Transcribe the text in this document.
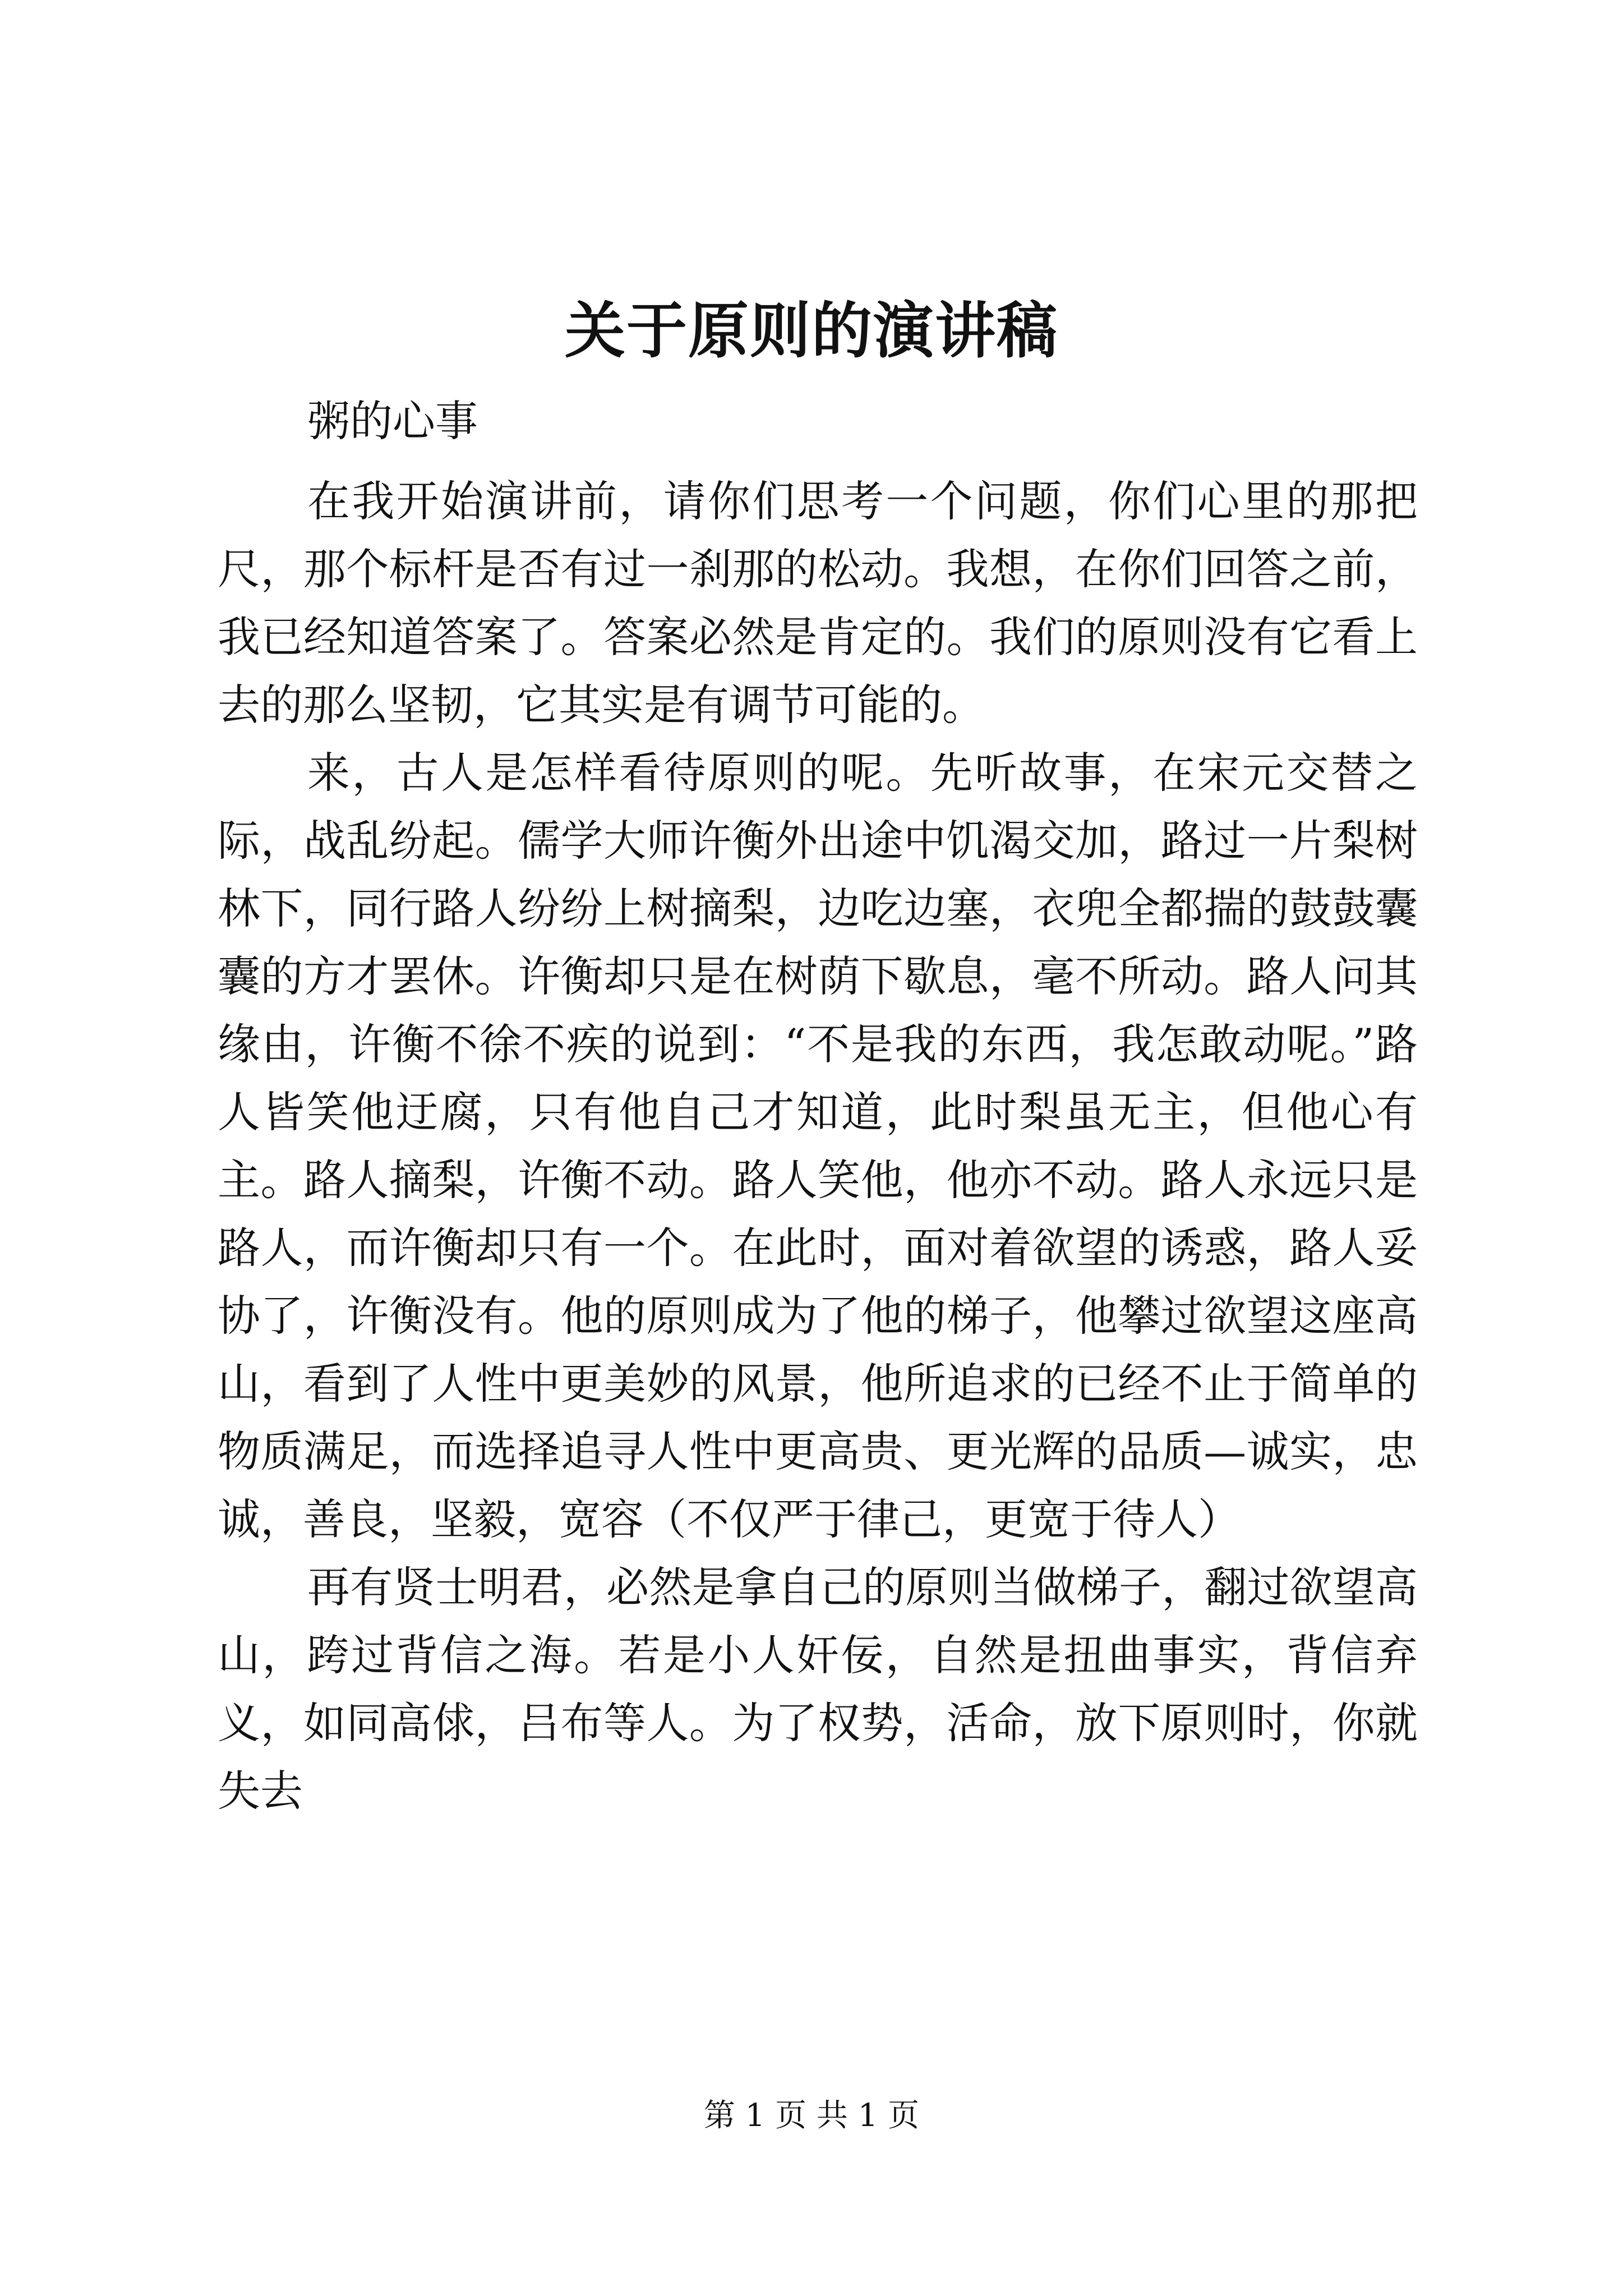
关于原则的演讲稿

粥的心事

在我开始演讲前，请你们思考一个问题，你们心里的那把尺，那个标杆是否有过一刹那的松动。我想，在你们回答之前，我已经知道答案了。答案必然是肯定的。我们的原则没有它看上去的那么坚韧，它其实是有调节可能的。

来，古人是怎样看待原则的呢。先听故事，在宋元交替之际，战乱纷起。儒学大师许衡外出途中饥渴交加，路过一片梨树林下，同行路人纷纷上树摘梨，边吃边塞，衣兜全都揣的鼓鼓囊囊的方才罢休。许衡却只是在树荫下歇息，毫不所动。路人问其缘由，许衡不徐不疾的说到：“不是我的东西，我怎敢动呢。”路人皆笑他迂腐，只有他自己才知道，此时梨虽无主，但他心有主。路人摘梨，许衡不动。路人笑他，他亦不动。路人永远只是路人，而许衡却只有一个。在此时，面对着欲望的诱惑，路人妥协了，许衡没有。他的原则成为了他的梯子，他攀过欲望这座高山，看到了人性中更美妙的风景，他所追求的已经不止于简单的物质满足，而选择追寻人性中更高贵、更光辉的品质—诚实，忠诚，善良，坚毅，宽容（不仅严于律己，更宽于待人）

再有贤士明君，必然是拿自己的原则当做梯子，翻过欲望高山，跨过背信之海。若是小人奸佞，自然是扭曲事实，背信弃义，如同高俅，吕布等人。为了权势，活命，放下原则时，你就失去

第 1 页 共 1 页
